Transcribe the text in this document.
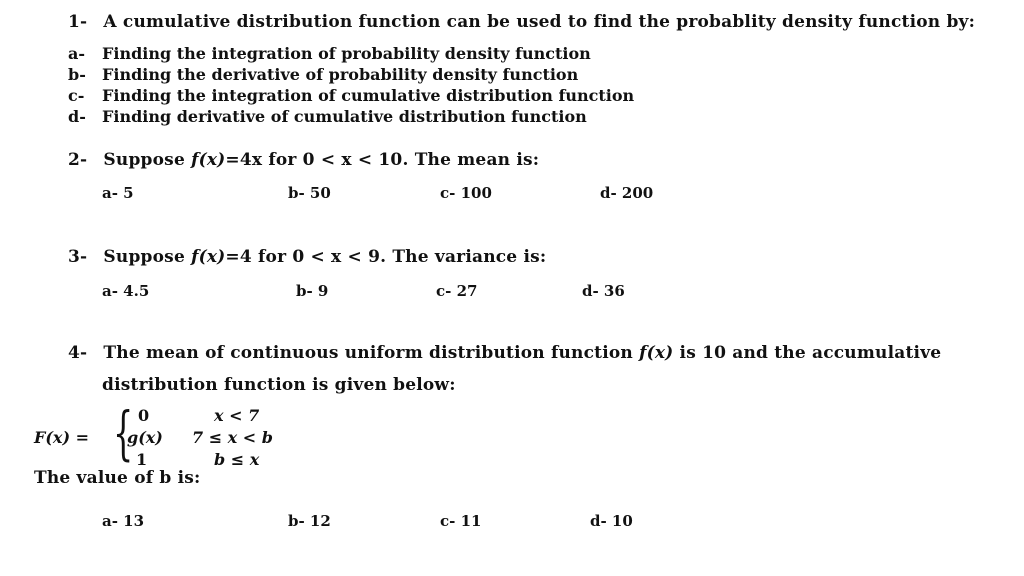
1- A cumulative distribution function can be used to find the probablity density function by:
a- Finding the integration of probability density function
b- Finding the derivative of probability density function
c- Finding the integration of cumulative distribution function
d- Finding derivative of cumulative distribution function
2- Suppose f(x)=4x for 0 < x < 10. The mean is:
a- 5	b- 50	c- 100	d- 200
3- Suppose f(x)=4 for 0 < x < 9. The variance is:
a- 4.5	b- 9	c- 27	d- 36
4- The mean of continuous uniform distribution function f(x) is 10 and the accumulative
distribution function is given below:
F(x) = { 0	x < 7
g(x) 7 ≤ x < b
1	b ≤ x
The value of b is:
a- 13	b- 12	c- 11	d- 10
